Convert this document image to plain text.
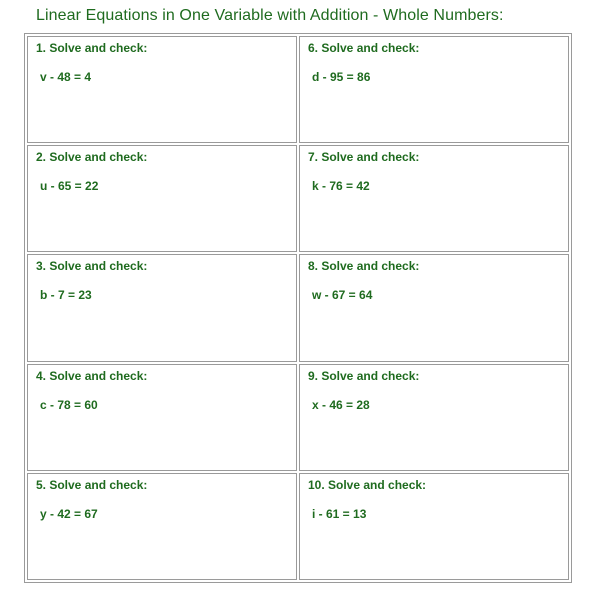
Linear Equations in One Variable with Addition - Whole Numbers:
1. Solve and check:
v - 48 = 4
6. Solve and check:
d - 95 = 86
2. Solve and check:
u - 65 = 22
7. Solve and check:
k - 76 = 42
3. Solve and check:
b - 7 = 23
8. Solve and check:
w - 67 = 64
4. Solve and check:
c - 78 = 60
9. Solve and check:
x - 46 = 28
5. Solve and check:
y - 42 = 67
10. Solve and check:
i - 61 = 13
